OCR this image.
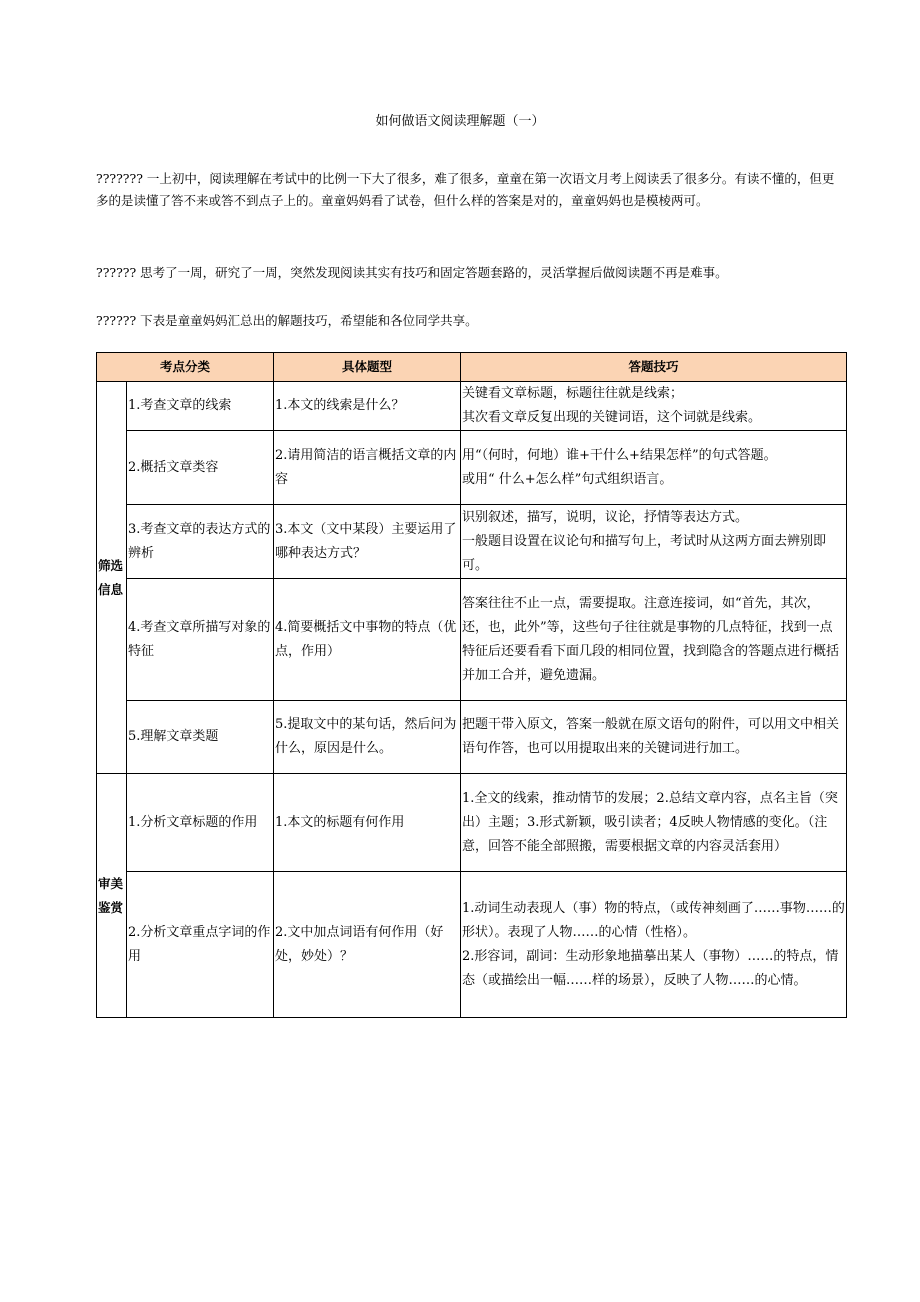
如何做语文阅读理解题（一）
??????? 一上初中，阅读理解在考试中的比例一下大了很多，难了很多，童童在第一次语文月考上阅读丢了很多分。有读不懂的，但更多的是读懂了答不来或答不到点子上的。童童妈妈看了试卷，但什么样的答案是对的，童童妈妈也是模棱两可。
?????? 思考了一周，研究了一周，突然发现阅读其实有技巧和固定答题套路的，灵活掌握后做阅读题不再是难事。
?????? 下表是童童妈妈汇总出的解题技巧，希望能和各位同学共享。
考点分类		具体题型	答题技巧
筛选信息	1.考查文章的线索	1.本文的线索是什么？	关键看文章标题，标题往往就是线索；
其次看文章反复出现的关键词语，这个词就是线索。

	2.概括文章类容	2.请用简洁的语言概括文章的内容	用“（何时，何地）谁+干什么+结果怎样”的句式答题。
或用“ 什么+怎么样”句式组织语言。

	3.考查文章的表达方式的辨析	3.本文（文中某段）主要运用了哪种表达方式？	识别叙述，描写，说明，议论，抒情等表达方式。
一般题目设置在议论句和描写句上，考试时从这两方面去辨别即可。

	4.考查文章所描写对象的特征	4.简要概括文中事物的特点（优点，作用）	答案往往不止一点，需要提取。注意连接词，如“首先，其次，还，也，此外”等，这些句子往往就是事物的几点特征，找到一点特征后还要看看下面几段的相同位置，找到隐含的答题点进行概括并加工合并，避免遗漏。

	5.理解文章类题	5.提取文中的某句话，然后问为什么，原因是什么。	把题干带入原文，答案一般就在原文语句的附件，可以用文中相关语句作答，也可以用提取出来的关键词进行加工。

审美鉴赏	1.分析文章标题的作用	1.本文的标题有何作用	1.全文的线索，推动情节的发展；2.总结文章内容，点名主旨（突出）主题；3.形式新颖，吸引读者；4反映人物情感的变化。（注意，回答不能全部照搬，需要根据文章的内容灵活套用）

	2.分析文章重点字词的作用	2.文中加点词语有何作用（好处，妙处）？	1.动词生动表现人（事）物的特点，（或传神刻画了……事物……的形状）。表现了人物……的心情（性格）。
2.形容词，副词：生动形象地描摹出某人（事物）……的特点，情态（或描绘出一幅……样的场景），反映了人物……的心情。
